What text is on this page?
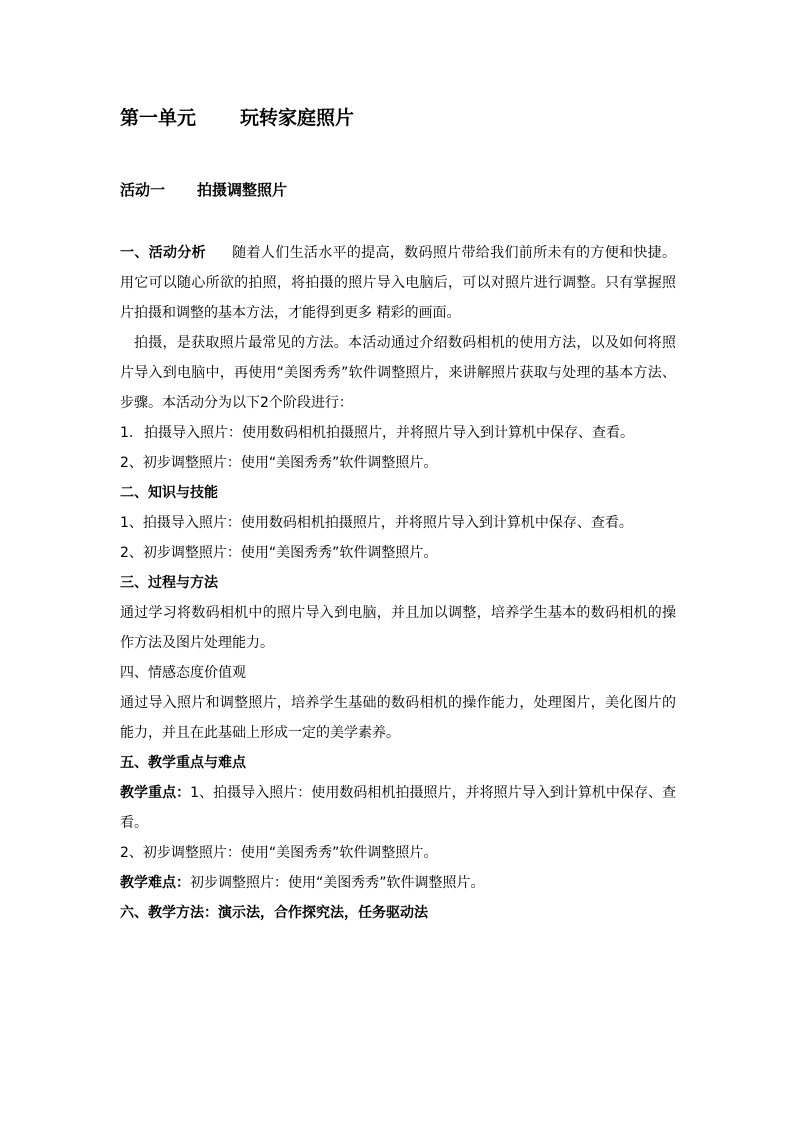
第一单元 玩转家庭照片
活动一 拍摄调整照片

一、活动分析 随着人们生活水平的提高，数码照片带给我们前所未有的方便和快捷。用它可以随心所欲的拍照，将拍摄的照片导入电脑后，可以对照片进行调整。只有掌握照片拍摄和调整的基本方法，才能得到更多 精彩的画面。

拍摄，是获取照片最常见的方法。本活动通过介绍数码相机的使用方法，以及如何将照片导入到电脑中，再使用“美图秀秀”软件调整照片，来讲解照片获取与处理的基本方法、步骤。本活动分为以下2个阶段进行：

1. 拍摄导入照片：使用数码相机拍摄照片，并将照片导入到计算机中保存、查看。

2、初步调整照片：使用“美图秀秀”软件调整照片。

二、知识与技能

1、拍摄导入照片：使用数码相机拍摄照片，并将照片导入到计算机中保存、查看。

2、初步调整照片：使用“美图秀秀”软件调整照片。

三、过程与方法

通过学习将数码相机中的照片导入到电脑，并且加以调整，培养学生基本的数码相机的操作方法及图片处理能力。

四、情感态度价值观

通过导入照片和调整照片，培养学生基础的数码相机的操作能力，处理图片，美化图片的能力，并且在此基础上形成一定的美学素养。

五、教学重点与难点

教学重点：1、拍摄导入照片：使用数码相机拍摄照片，并将照片导入到计算机中保存、查看。

2、初步调整照片：使用“美图秀秀”软件调整照片。

教学难点：初步调整照片：使用“美图秀秀”软件调整照片。

六、教学方法：演示法，合作探究法，任务驱动法
